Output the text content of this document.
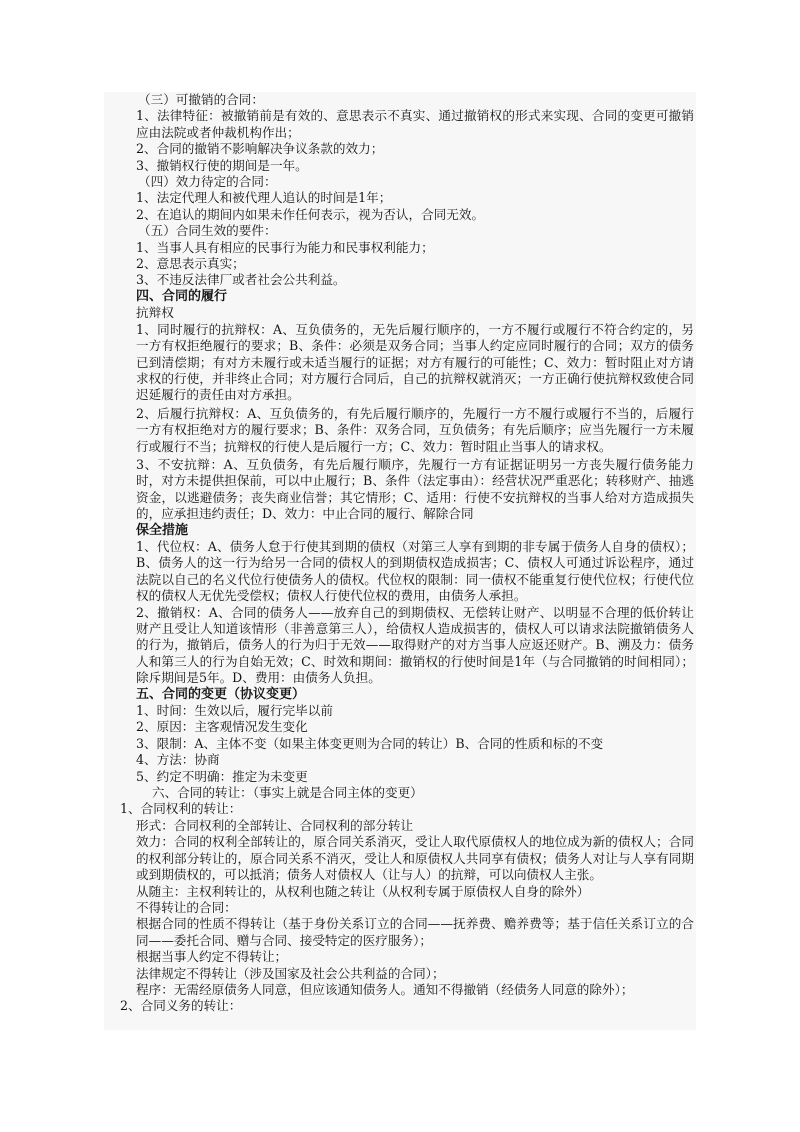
（三）可撤销的合同：

1、法律特征：被撤销前是有效的、意思表示不真实、通过撤销权的形式来实现、合同的变更可撤销应由法院或者仲裁机构作出；

2、合同的撤销不影响解决争议条款的效力；

3、撤销权行使的期间是一年。

（四）效力待定的合同：

1、法定代理人和被代理人追认的时间是1年；

2、在追认的期间内如果未作任何表示，视为否认，合同无效。

（五）合同生效的要件：

1、当事人具有相应的民事行为能力和民事权利能力；

2、意思表示真实；

3、不违反法律厂或者社会公共利益。

四、合同的履行

抗辩权

1、同时履行的抗辩权：A、互负债务的，无先后履行顺序的，一方不履行或履行不符合约定的，另一方有权拒绝履行的要求；B、条件：必须是双务合同；当事人约定应同时履行的合同；双方的债务已到清偿期；有对方未履行或未适当履行的证据；对方有履行的可能性；C、效力：暂时阻止对方请求权的行使，并非终止合同；对方履行合同后，自己的抗辩权就消灭；一方正确行使抗辩权致使合同迟延履行的责任由对方承担。

2、后履行抗辩权：A、互负债务的，有先后履行顺序的，先履行一方不履行或履行不当的，后履行一方有权拒绝对方的履行要求；B、条件：双务合同，互负债务；有先后顺序；应当先履行一方未履行或履行不当；抗辩权的行使人是后履行一方；C、效力：暂时阻止当事人的请求权。

3、不安抗辩：A、互负债务，有先后履行顺序，先履行一方有证据证明另一方丧失履行债务能力时，对方未提供担保前，可以中止履行；B、条件（法定事由）：经营状况严重恶化；转移财产、抽逃资金，以逃避债务；丧失商业信誉；其它情形；C、适用：行使不安抗辩权的当事人给对方造成损失的，应承担违约责任；D、效力：中止合同的履行、解除合同

保全措施

1、代位权：A、债务人怠于行使其到期的债权（对第三人享有到期的非专属于债务人自身的债权）；B、债务人的这一行为给另一合同的债权人的到期债权造成损害；C、债权人可通过诉讼程序，通过法院以自己的名义代位行使债务人的债权。代位权的限制：同一债权不能重复行使代位权；行使代位权的债权人无优先受偿权；债权人行使代位权的费用，由债务人承担。

2、撤销权：A、合同的债务人——放弃自己的到期债权、无偿转让财产、以明显不合理的低价转让财产且受让人知道该情形（非善意第三人），给债权人造成损害的，债权人可以请求法院撤销债务人的行为，撤销后，债务人的行为归于无效——取得财产的对方当事人应返还财产。B、溯及力：债务人和第三人的行为自始无效；C、时效和期间：撤销权的行使时间是1年（与合同撤销的时间相同）；除斥期间是5年。D、费用：由债务人负担。

五、合同的变更（协议变更）

1、时间：生效以后，履行完毕以前

2、原因：主客观情况发生变化

3、限制：A、主体不变（如果主体变更则为合同的转让）B、合同的性质和标的不变

4、方法：协商

5、约定不明确：推定为未变更

六、合同的转让：（事实上就是合同主体的变更）

1、合同权利的转让：

形式：合同权利的全部转让、合同权利的部分转让

效力：合同的权利全部转让的，原合同关系消灭，受让人取代原债权人的地位成为新的债权人；合同的权利部分转让的，原合同关系不消灭，受让人和原债权人共同享有债权；债务人对让与人享有同期或到期债权的，可以抵消；债务人对债权人（让与人）的抗辩，可以向债权人主张。

从随主：主权利转让的，从权利也随之转让（从权利专属于原债权人自身的除外）

不得转让的合同：

根据合同的性质不得转让（基于身份关系订立的合同——抚养费、赡养费等；基于信任关系订立的合同——委托合同、赠与合同、接受特定的医疗服务）；

根据当事人约定不得转让；

法律规定不得转让（涉及国家及社会公共利益的合同）；

程序：无需经原债务人同意，但应该通知债务人。通知不得撤销（经债务人同意的除外）；

2、合同义务的转让：
